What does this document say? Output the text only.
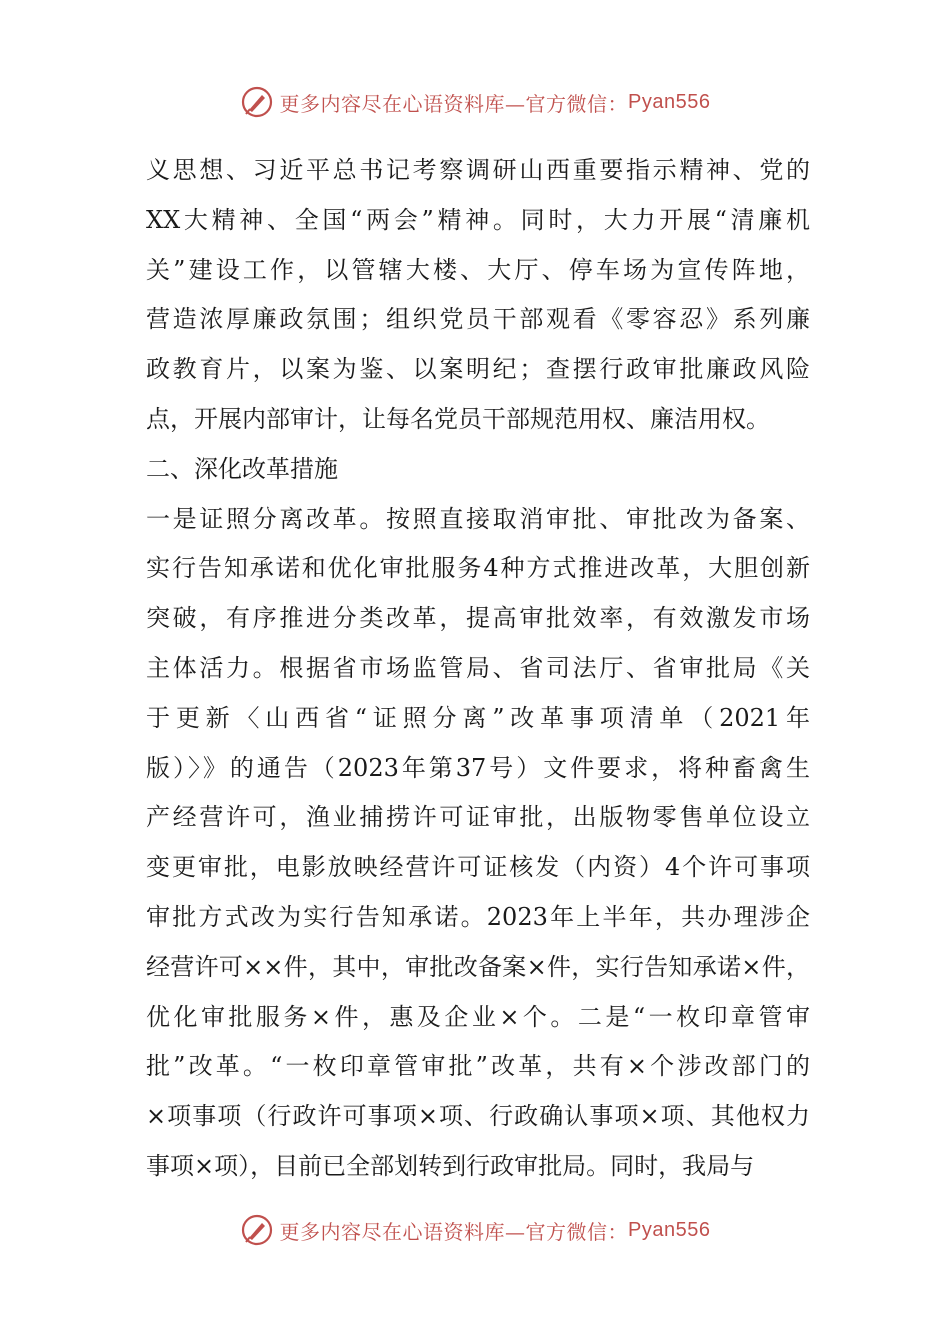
更多内容尽在心语资料库—官方微信： Pyan556
义思想、习近平总书记考察调研山西重要指示精神、党的
XX大精神、全国“两会”精神。同时，大力开展“清廉机
关”建设工作，以管辖大楼、大厅、停车场为宣传阵地，
营造浓厚廉政氛围；组织党员干部观看《零容忍》系列廉
政教育片，以案为鉴、以案明纪；查摆行政审批廉政风险
点，开展内部审计，让每名党员干部规范用权、廉洁用权。
二、深化改革措施
一是证照分离改革。按照直接取消审批、审批改为备案、
实行告知承诺和优化审批服务4种方式推进改革，大胆创新
突破，有序推进分类改革，提高审批效率，有效激发市场
主体活力。根据省市场监管局、省司法厅、省审批局《关
于更新〈山西省“证照分离”改革事项清单（2021年
版）〉》的通告（2023年第37号）文件要求，将种畜禽生
产经营许可，渔业捕捞许可证审批，出版物零售单位设立
变更审批，电影放映经营许可证核发（内资）4个许可事项
审批方式改为实行告知承诺。2023年上半年，共办理涉企
经营许可××件，其中，审批改备案×件，实行告知承诺×件，
优化审批服务×件，惠及企业×个。二是“一枚印章管审
批”改革。“一枚印章管审批”改革，共有×个涉改部门的
×项事项（行政许可事项×项、行政确认事项×项、其他权力
事项×项），目前已全部划转到行政审批局。同时，我局与
更多内容尽在心语资料库—官方微信： Pyan556
